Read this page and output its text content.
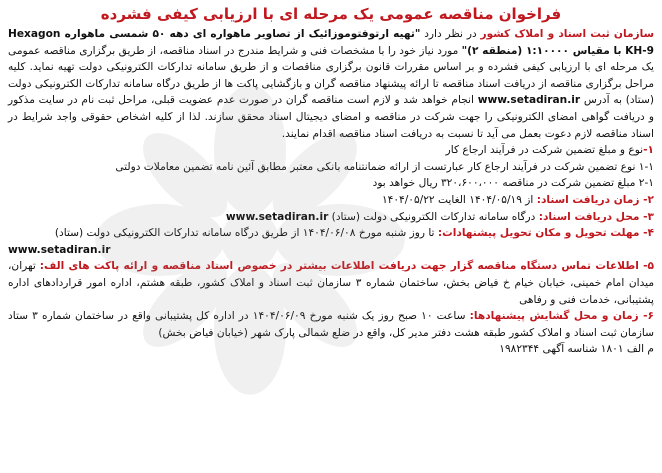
فراخوان مناقصه عمومی یک مرحله ای با ارزیابی کیفی فشرده

سازمان ثبت اسناد و املاک کشور در نظر دارد "تهیه ارتوفتوموزائیک از تصاویر ماهواره ای دهه ۵۰ شمسی ماهواره Hexagon KH-9 با مقیاس ۱:۱۰۰۰۰ (منطقه ۲)" مورد نیاز خود را با مشخصات فنی و شرایط مندرج در اسناد مناقصه، از طریق برگزاری مناقصه عمومی یک مرحله ای با ارزیابی کیفی فشرده و بر اساس مقررات قانون برگزاری مناقصات و از طریق سامانه تدارکات الکترونیکی دولت تهیه نماید. کلیه مراحل برگزاری مناقصه از دریافت اسناد مناقصه تا ارائه پیشنهاد مناقصه گران و بازگشایی پاکت ها از طریق درگاه سامانه تدارکات الکترونیکی دولت (ستاد) به آدرس www.setadiran.ir انجام خواهد شد و لازم است مناقصه گران در صورت عدم عضویت قبلی، مراحل ثبت نام در سایت مذکور و دریافت گواهی امضای الکترونیکی را جهت شرکت در مناقصه و امضای دیجیتال اسناد محقق سازند. لذا از کلیه اشخاص حقوقی واجد شرایط در اسناد مناقصه لازم دعوت بعمل می آید تا نسبت به دریافت اسناد مناقصه اقدام نمایند.

۱-نوع و مبلغ تضمین شرکت در فرآیند ارجاع کار

۱-۱ نوع تضمین شرکت در فرآیند ارجاع کار عبارتست از ارائه ضمانتنامه بانکی معتبر مطابق آئین نامه تضمین معاملات دولتی

۲-۱ مبلغ تضمین شرکت در مناقصه ۳۲۰،۶۰۰،۰۰۰ ریال خواهد بود

۲- زمان دریافت اسناد: از ۱۴۰۴/۰۵/۱۹ الغایت ۱۴۰۴/۰۵/۲۲

۳- محل دریافت اسناد: درگاه سامانه تدارکات الکترونیکی دولت (ستاد) www.setadiran.ir

۴- مهلت تحویل و مکان تحویل پیشنهادات: تا روز شنبه مورخ ۱۴۰۴/۰۶/۰۸ از طریق درگاه سامانه تدارکات الکترونیکی دولت (ستاد)

www.setadiran.ir

۵- اطلاعات تماس دستگاه مناقصه گزار جهت دریافت اطلاعات بیشتر در خصوص اسناد مناقصه و ارائه پاکت های الف: تهران، میدان امام خمینی، خیابان خیام خ فیاض بخش، ساختمان شماره ۳ سازمان ثبت اسناد و املاک کشور، طبقه هشتم، اداره امور قراردادهای اداره پشتیبانی، خدمات فنی و رفاهی

۶- زمان و محل گشایش پیشنهادها: ساعت ۱۰ صبح روز یک شنبه مورخ ۱۴۰۴/۰۶/۰۹ در اداره کل پشتیبانی واقع در ساختمان شماره ۳ ستاد سازمان ثبت اسناد و املاک کشور طبقه هشت دفتر مدیر کل، واقع در ضلع شمالی پارک شهر (خیابان فیاض بخش)

م الف ۱۸۰۱ شناسه آگهی ۱۹۸۲۳۴۴
